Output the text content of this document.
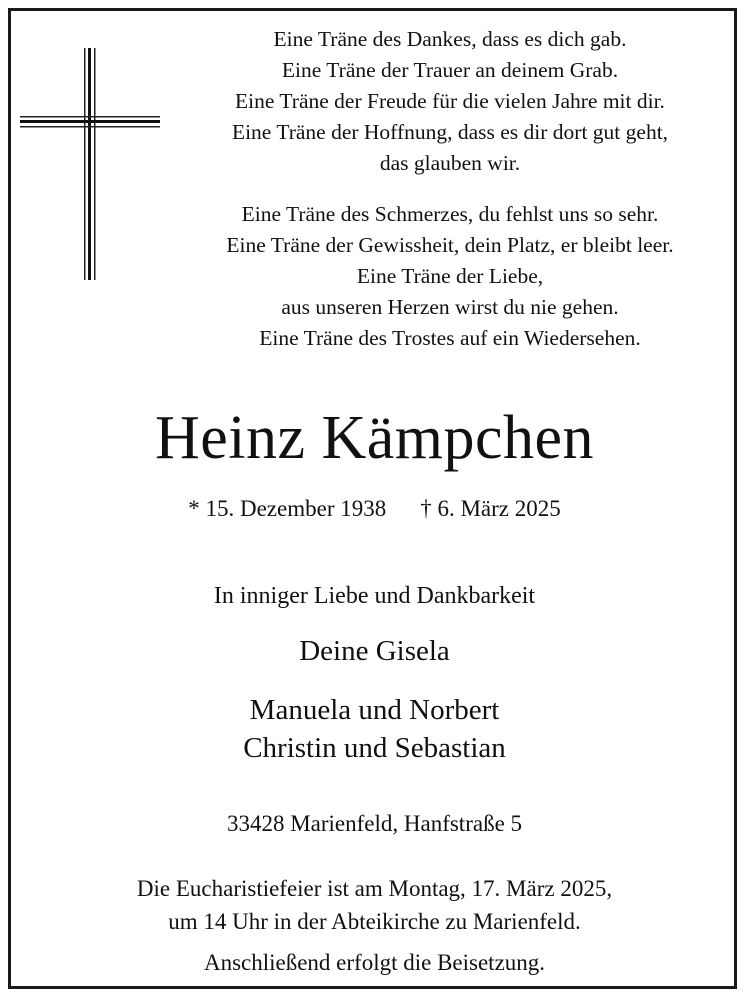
Eine Träne des Dankes, dass es dich gab.
Eine Träne der Trauer an deinem Grab.
Eine Träne der Freude für die vielen Jahre mit dir.
Eine Träne der Hoffnung, dass es dir dort gut geht,
das glauben wir.
Eine Träne des Schmerzes, du fehlst uns so sehr.
Eine Träne der Gewissheit, dein Platz, er bleibt leer.
Eine Träne der Liebe,
aus unseren Herzen wirst du nie gehen.
Eine Träne des Trostes auf ein Wiedersehen.
Heinz Kämpchen
* 15. Dezember 1938 † 6. März 2025
In inniger Liebe und Dankbarkeit
Deine Gisela
Manuela und Norbert
Christin und Sebastian
33428 Marienfeld, Hanfstraße 5
Die Eucharistiefeier ist am Montag, 17. März 2025,
um 14 Uhr in der Abteikirche zu Marienfeld.
Anschließend erfolgt die Beisetzung.
